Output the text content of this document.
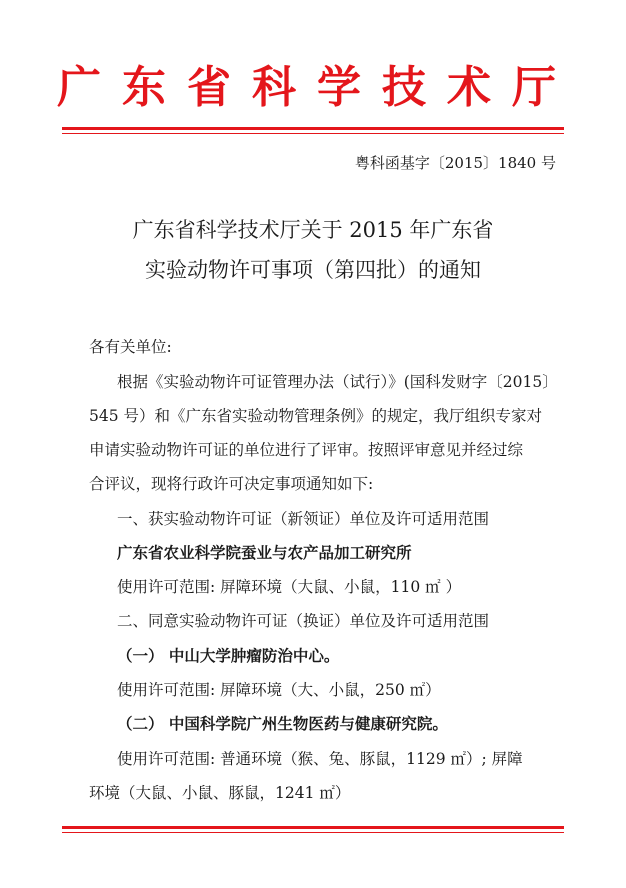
广东省科学技术厅
粤科函基字〔2015〕1840 号
广东省科学技术厅关于 2015 年广东省
实验动物许可事项（第四批）的通知
各有关单位:
根据《实验动物许可证管理办法（试行）》(国科发财字〔2015〕
545 号）和《广东省实验动物管理条例》的规定，我厅组织专家对
申请实验动物许可证的单位进行了评审。按照评审意见并经过综
合评议，现将行政许可决定事项通知如下:
一、获实验动物许可证（新领证）单位及许可适用范围
广东省农业科学院蚕业与农产品加工研究所
使用许可范围: 屏障环境（大鼠、小鼠，110 ㎡ ）
二、同意实验动物许可证（换证）单位及许可适用范围
（一） 中山大学肿瘤防治中心。
使用许可范围: 屏障环境（大、小鼠，250 ㎡）
（二） 中国科学院广州生物医药与健康研究院。
使用许可范围: 普通环境（猴、兔、豚鼠，1129 ㎡）; 屏障
环境（大鼠、小鼠、豚鼠，1241 ㎡）
